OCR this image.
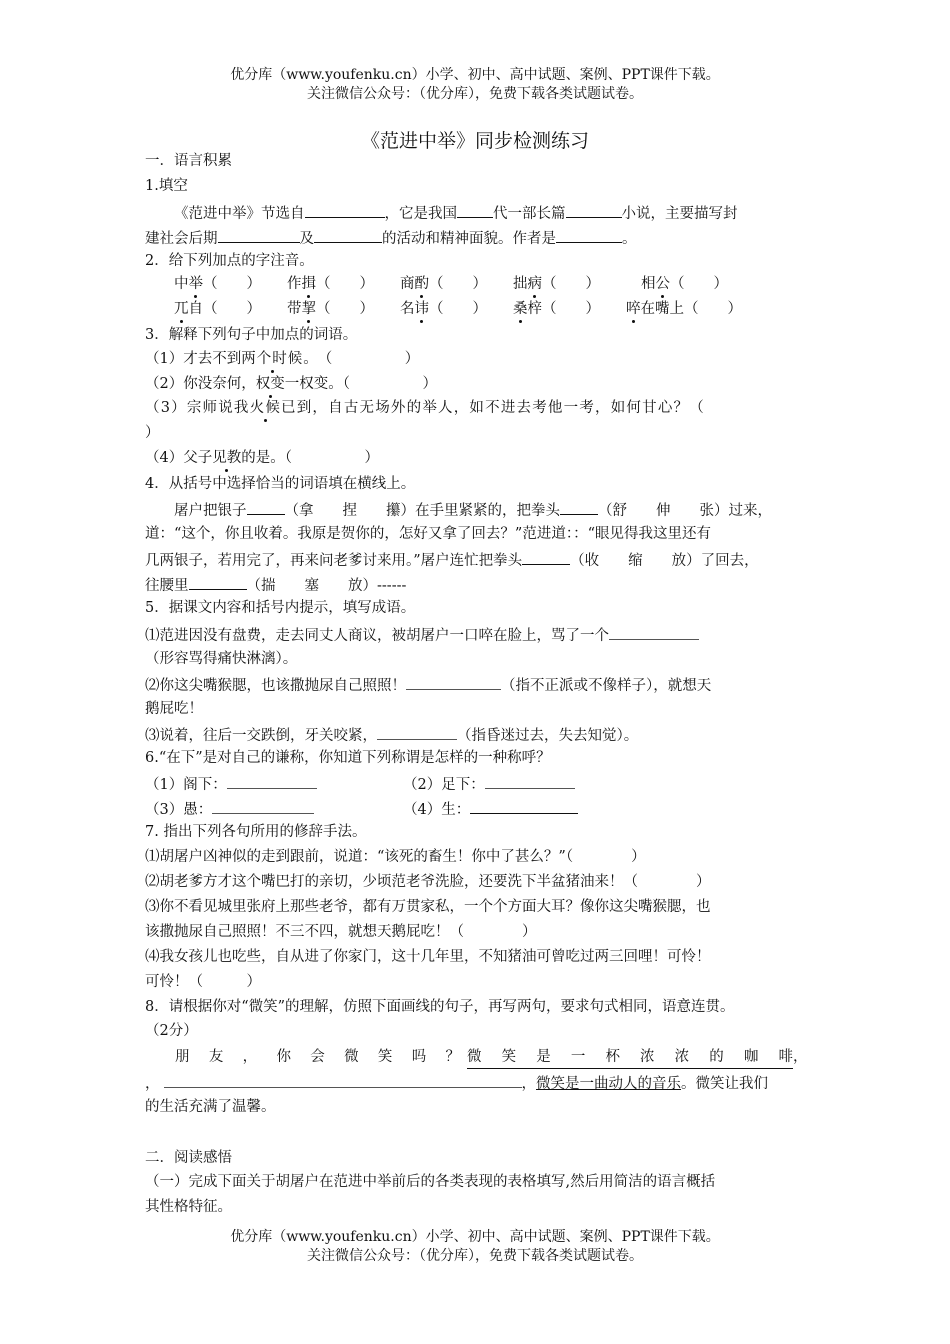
优分库（www.youfenku.cn）小学、初中、高中试题、案例、PPT课件下载。
关注微信公众号：（优分库），免费下载各类试题试卷。
《范进中举》同步检测练习
一．语言积累
1.填空
《范进中举》节选自	，它是我国 代一部长篇	小说，主要描写封
建社会后期	及	的活动和精神面貌。作者是	。
2．给下列加点的字注音。
中举（　　） 作揖（　　） 商酌（　　） 拙病（　　）	相公（　　）
兀自（　　） 带挈（　　） 名讳（　　） 桑梓（　　） 啐在嘴上（　　）
3．解释下列句子中加点的词语。
（1）才去不到两个时候。　（　　　　　）
（2）你没奈何，权变一权变。（　　　　　）
（3）宗师说我火候已到，自古无场外的举人，如不进去考他一考，如何甘心？（
）
（4）父子见教的是。（　　　　　）
4．从括号中选择恰当的词语填在横线上。
屠户把银子	（拿　　捏　　攥）在手里紧紧的，把拳头	（舒　　伸　　张）过来，
道：“这个，你且收着。我原是贺你的，怎好又拿了回去？”范进道：：“眼见得我这里还有
几两银子，若用完了，再来问老爹讨来用。”屠户连忙把拳头	（收　　缩　　放）了回去，
往腰里	（揣　　塞　　放）------
5．据课文内容和括号内提示，填写成语。
⑴范进因没有盘费，走去同丈人商议，被胡屠户一口啐在脸上，骂了一个
（形容骂得痛快淋漓）。
⑵你这尖嘴猴腮，也该撒抛尿自己照照！	（指不正派或不像样子），就想天
鹅屁吃！
⑶说着，往后一交跌倒，牙关咬紧，	（指昏迷过去，失去知觉）。
6.“在下”是对自己的谦称，你知道下列称谓是怎样的一种称呼？
（1）阁下：	（2）足下：
（3）愚：	（4）生：
7. 指出下列各句所用的修辞手法。
⑴胡屠户凶神似的走到跟前，说道：“该死的畜生！你中了甚么？”（　　　　）
⑵胡老爹方才这个嘴巴打的亲切，少顷范老爷洗脸，还要洗下半盆猪油来！（　　　　）
⑶你不看见城里张府上那些老爷，都有万贯家私，一个个方面大耳？像你这尖嘴猴腮，也
该撒抛尿自己照照！不三不四，就想天鹅屁吃！（　　　　）
⑷我女孩儿也吃些，自从进了你家门，这十几年里，不知猪油可曾吃过两三回哩！可怜！
可怜！（　　　）
8．请根据你对“微笑”的理解，仿照下面画线的句子，再写两句，要求句式相同，语意连贯。
（2分）
朋 友 ， 你 会 微 笑 吗 ？ 微 笑 是 一 杯 浓 浓 的 咖 啡 ，
，	，微笑是一曲动人的音乐。微笑让我们
的生活充满了温馨。
二．阅读感悟
（一）完成下面关于胡屠户在范进中举前后的各类表现的表格填写,然后用简洁的语言概括
其性格特征。
优分库（www.youfenku.cn）小学、初中、高中试题、案例、PPT课件下载。
关注微信公众号：（优分库），免费下载各类试题试卷。
